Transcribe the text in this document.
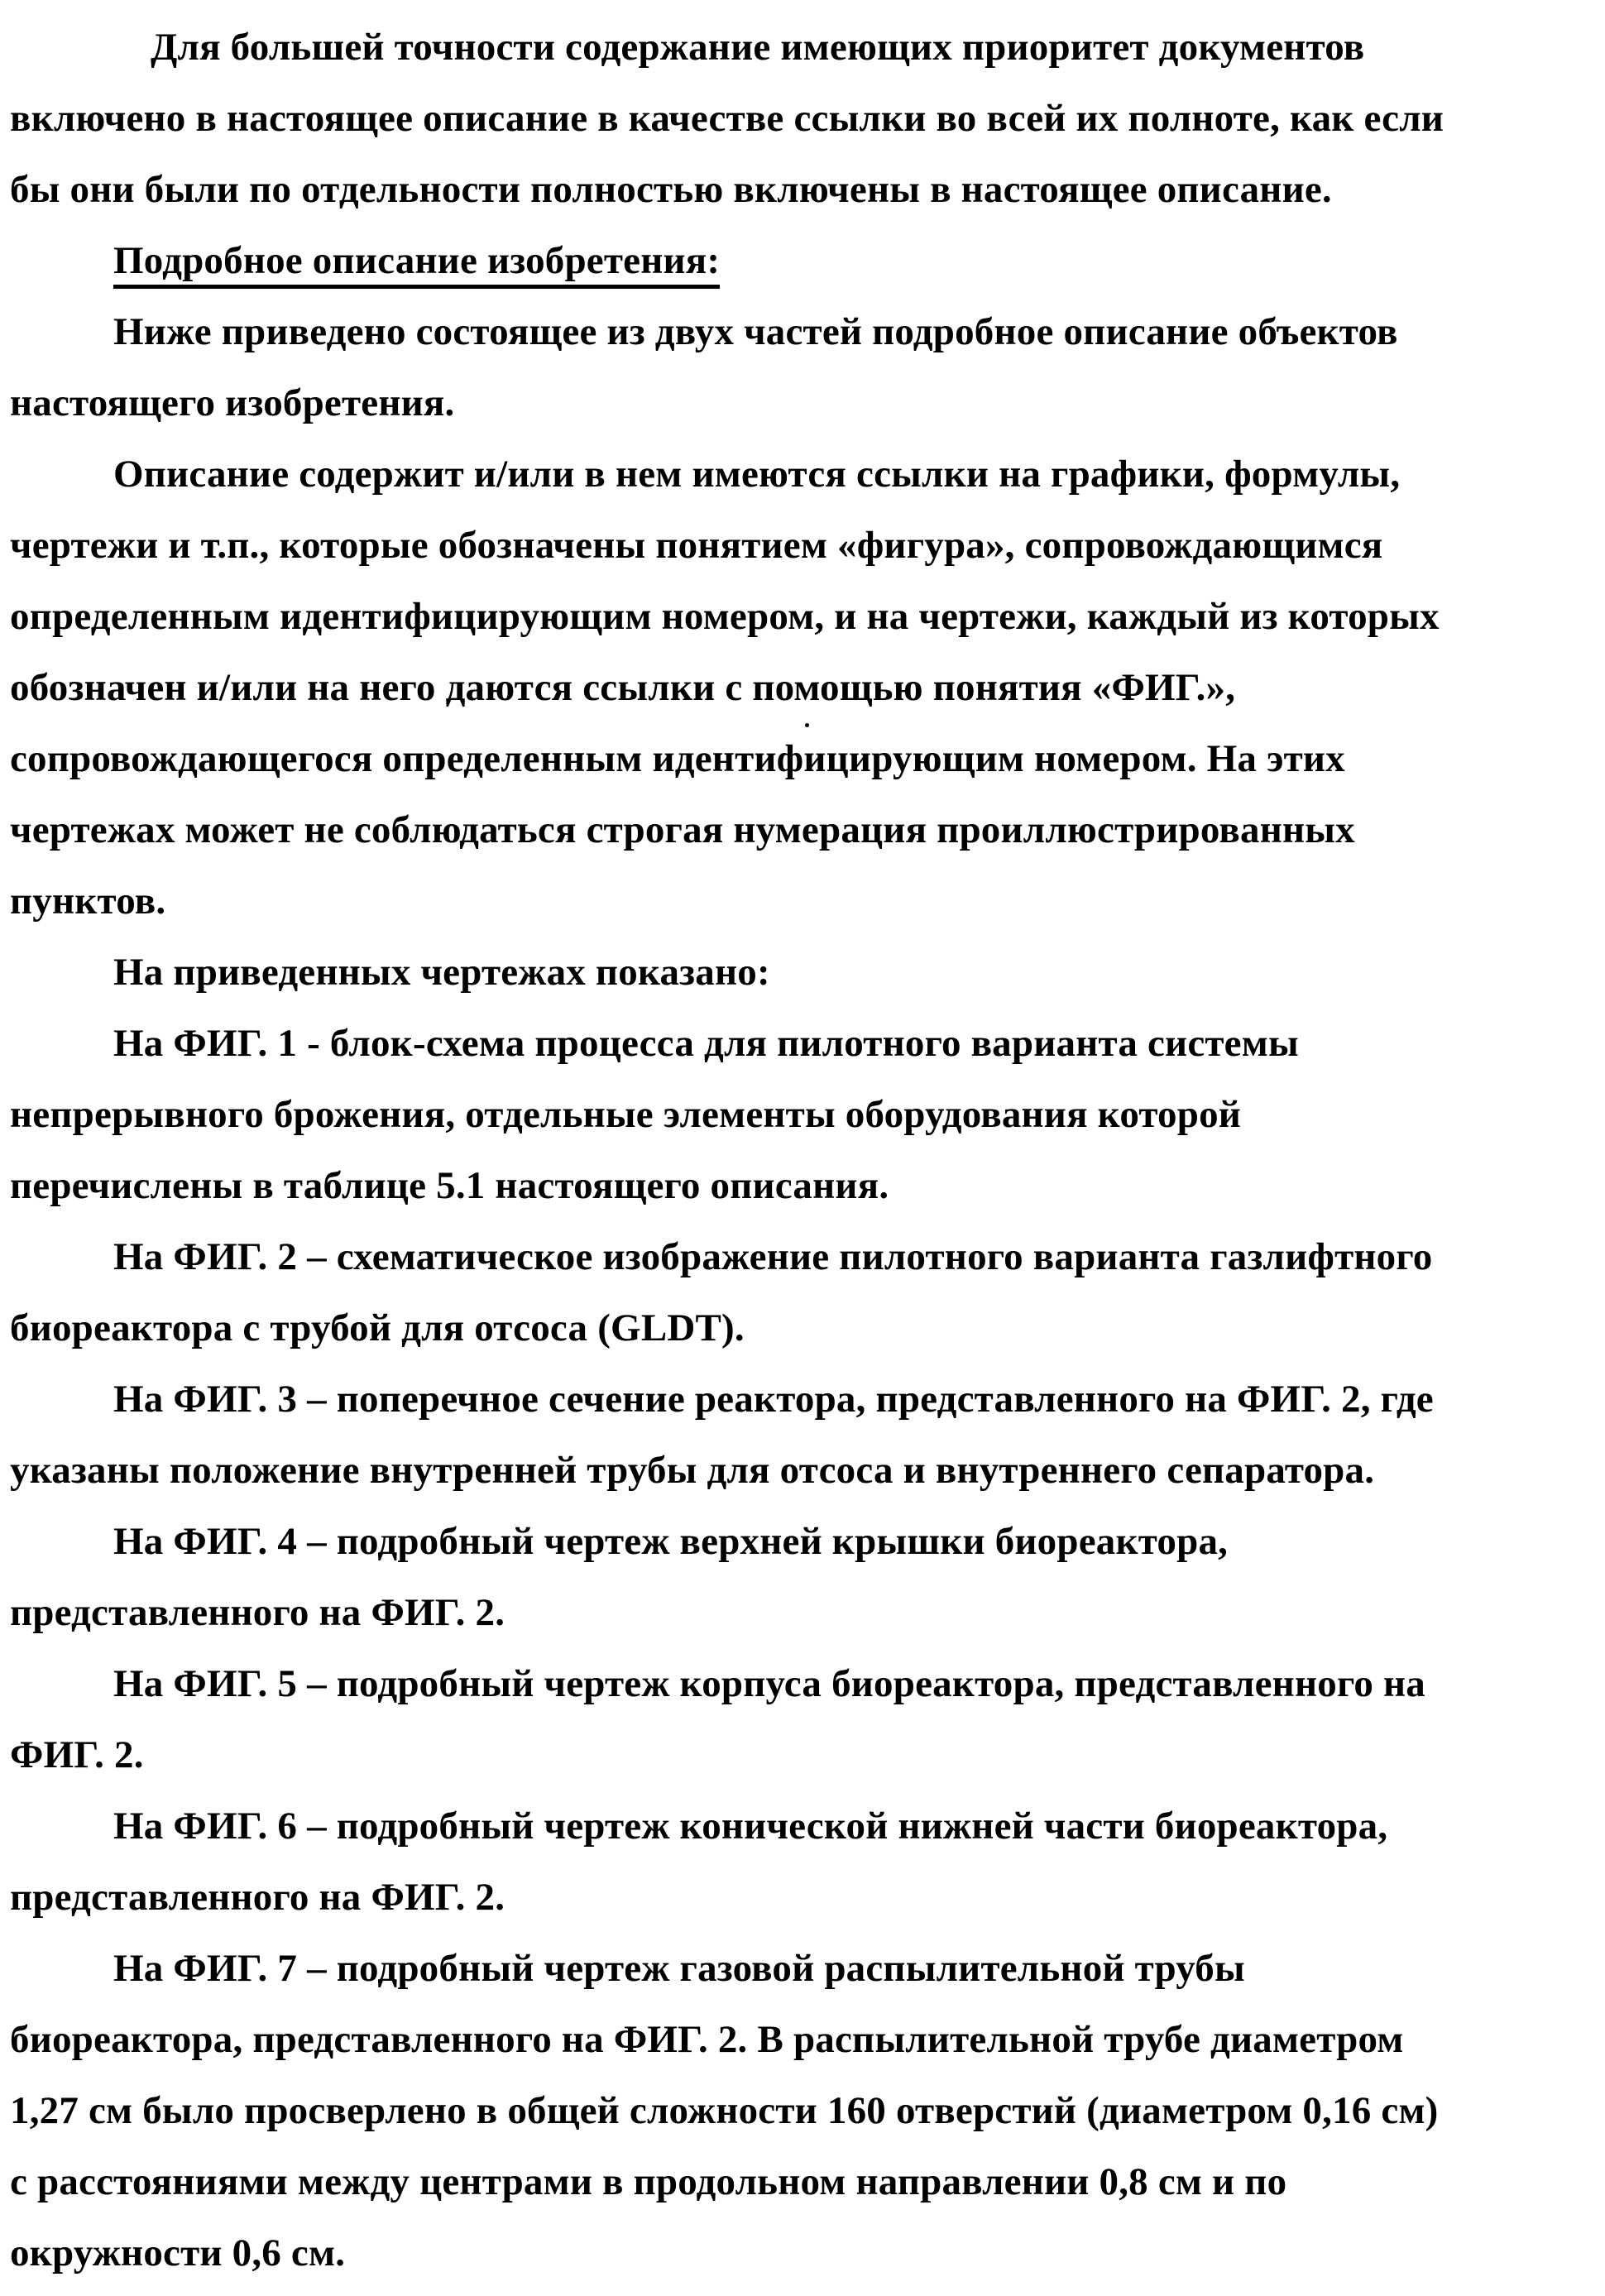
Для большей точности содержание имеющих приоритет документов
включено в настоящее описание в качестве ссылки во всей их полноте, как если
бы они были по отдельности полностью включены в настоящее описание.

Подробное описание изобретения:

Ниже приведено состоящее из двух частей подробное описание объектов
настоящего изобретения.

Описание содержит и/или в нем имеются ссылки на графики, формулы,
чертежи и т.п., которые обозначены понятием «фигура», сопровождающимся
определенным идентифицирующим номером, и на чертежи, каждый из которых
обозначен и/или на него даются ссылки с помощью понятия «ФИГ.»,
сопровождающегося определенным идентифицирующим номером. На этих
чертежах может не соблюдаться строгая нумерация проиллюстрированных
пунктов.

На приведенных чертежах показано:

На ФИГ. 1 - блок-схема процесса для пилотного варианта системы
непрерывного брожения, отдельные элементы оборудования которой
перечислены в таблице 5.1 настоящего описания.

На ФИГ. 2 – схематическое изображение пилотного варианта газлифтного
биореактора с трубой для отсоса (GLDT).

На ФИГ. 3 – поперечное сечение реактора, представленного на ФИГ. 2, где
указаны положение внутренней трубы для отсоса и внутреннего сепаратора.

На ФИГ. 4 – подробный чертеж верхней крышки биореактора,
представленного на ФИГ. 2.

На ФИГ. 5 – подробный чертеж корпуса биореактора, представленного на
ФИГ. 2.

На ФИГ. 6 – подробный чертеж конической нижней части биореактора,
представленного на ФИГ. 2.

На ФИГ. 7 – подробный чертеж газовой распылительной трубы
биореактора, представленного на ФИГ. 2. В распылительной трубе диаметром
1,27 см было просверлено в общей сложности 160 отверстий (диаметром 0,16 см)
с расстояниями между центрами в продольном направлении 0,8 см и по
окружности 0,6 см.
